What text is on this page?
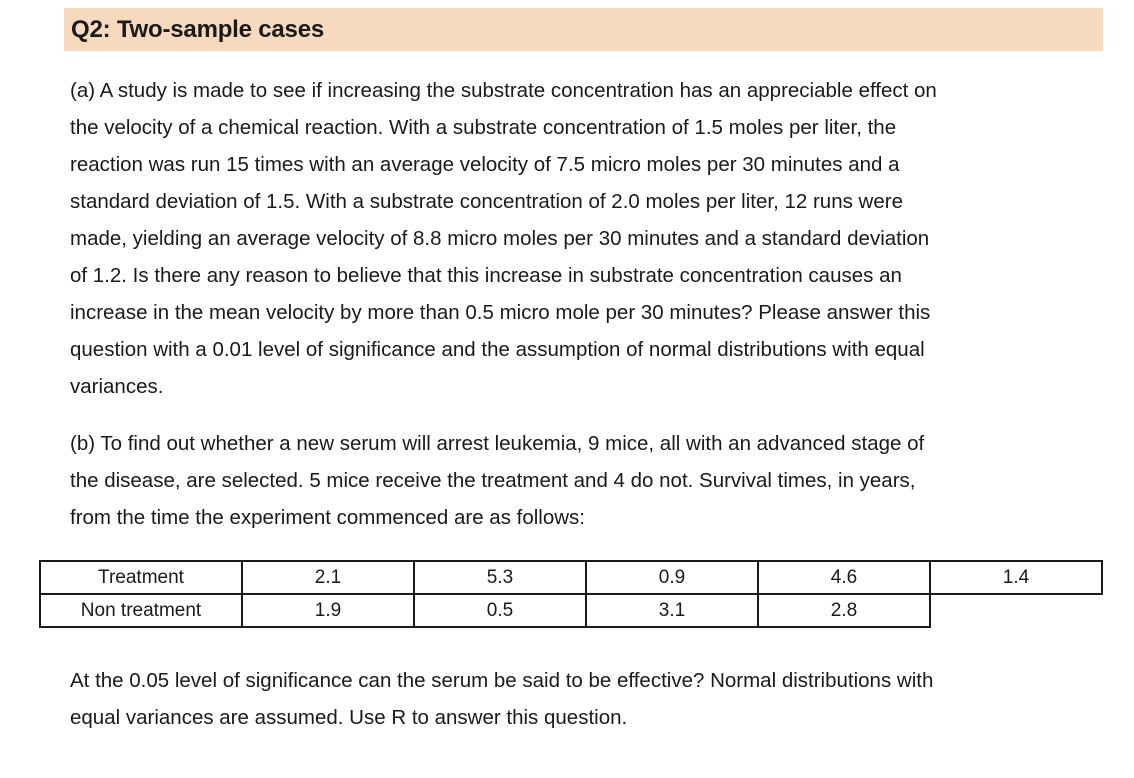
Q2: Two-sample cases

(a) A study is made to see if increasing the substrate concentration has an appreciable effect on
the velocity of a chemical reaction. With a substrate concentration of 1.5 moles per liter, the
reaction was run 15 times with an average velocity of 7.5 micro moles per 30 minutes and a
standard deviation of 1.5. With a substrate concentration of 2.0 moles per liter, 12 runs were
made, yielding an average velocity of 8.8 micro moles per 30 minutes and a standard deviation
of 1.2. Is there any reason to believe that this increase in substrate concentration causes an
increase in the mean velocity by more than 0.5 micro mole per 30 minutes? Please answer this
question with a 0.01 level of significance and the assumption of normal distributions with equal
variances.

(b) To find out whether a new serum will arrest leukemia, 9 mice, all with an advanced stage of
the disease, are selected. 5 mice receive the treatment and 4 do not. Survival times, in years,
from the time the experiment commenced are as follows:

Treatment	2.1	5.3	0.9	4.6	1.4
Non treatment	1.9	0.5	3.1	2.8	

At the 0.05 level of significance can the serum be said to be effective? Normal distributions with
equal variances are assumed. Use R to answer this question.
